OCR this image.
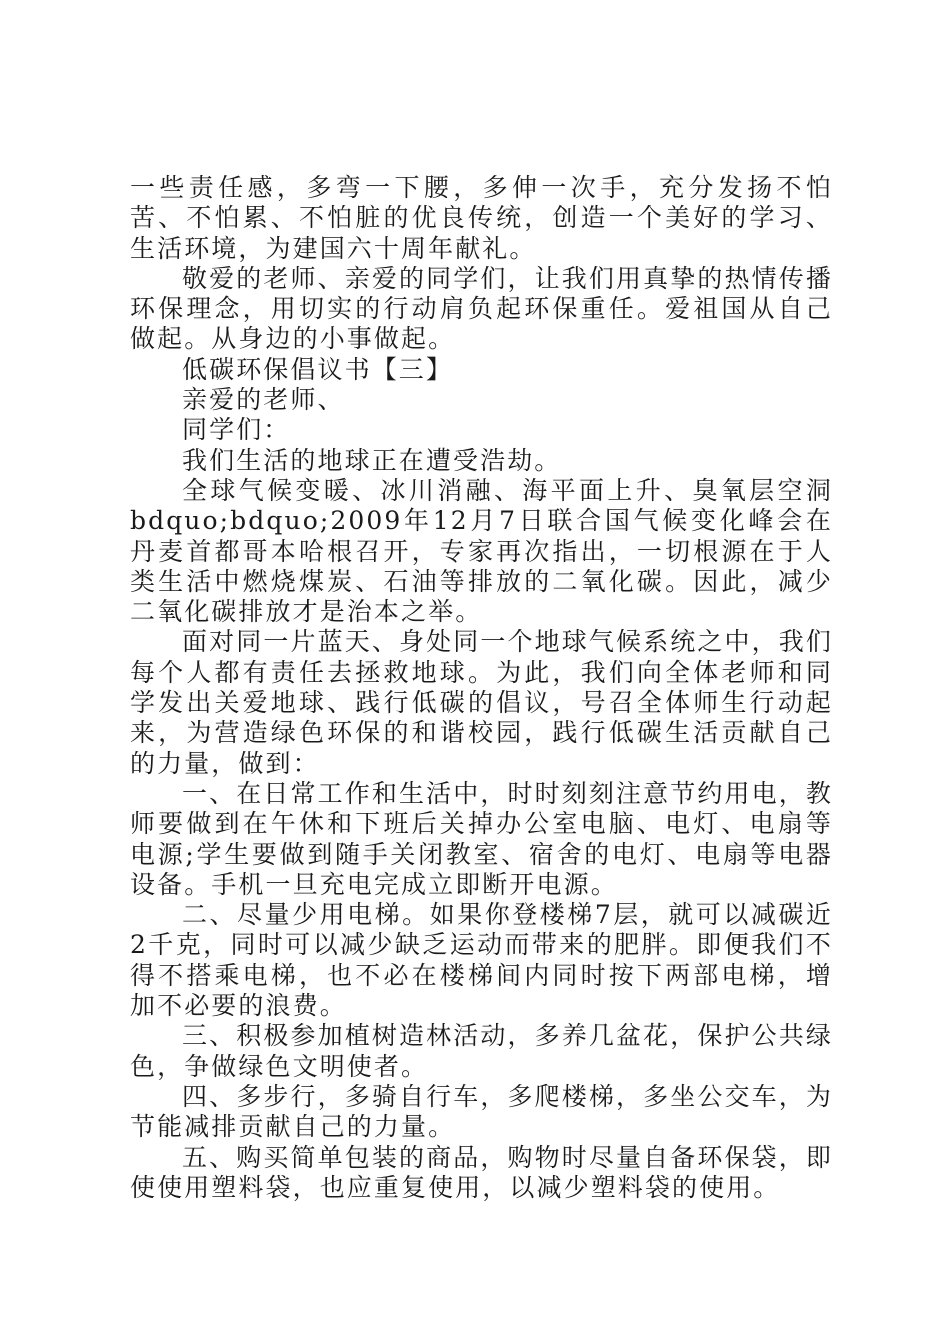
一些责任感，多弯一下腰，多伸一次手，充分发扬不怕苦、不怕累、不怕脏的优良传统，创造一个美好的学习、生活环境，为建国六十周年献礼。

敬爱的老师、亲爱的同学们，让我们用真挚的热情传播环保理念，用切实的行动肩负起环保重任。爱祖国从自己做起。从身边的小事做起。

低碳环保倡议书【三】

亲爱的老师、

同学们：

我们生活的地球正在遭受浩劫。

全球气候变暖、冰川消融、海平面上升、臭氧层空洞bdquo;bdquo;2009年12月7日联合国气候变化峰会在丹麦首都哥本哈根召开，专家再次指出，一切根源在于人类生活中燃烧煤炭、石油等排放的二氧化碳。因此，减少二氧化碳排放才是治本之举。

面对同一片蓝天、身处同一个地球气候系统之中，我们每个人都有责任去拯救地球。为此，我们向全体老师和同学发出关爱地球、践行低碳的倡议，号召全体师生行动起来，为营造绿色环保的和谐校园，践行低碳生活贡献自己的力量，做到：

一、在日常工作和生活中，时时刻刻注意节约用电，教师要做到在午休和下班后关掉办公室电脑、电灯、电扇等电源;学生要做到随手关闭教室、宿舍的电灯、电扇等电器设备。手机一旦充电完成立即断开电源。

二、尽量少用电梯。如果你登楼梯7层，就可以减碳近2千克，同时可以减少缺乏运动而带来的肥胖。即便我们不得不搭乘电梯，也不必在楼梯间内同时按下两部电梯，增加不必要的浪费。

三、积极参加植树造林活动，多养几盆花，保护公共绿色，争做绿色文明使者。

四、多步行，多骑自行车，多爬楼梯，多坐公交车，为节能减排贡献自己的力量。

五、购买简单包装的商品，购物时尽量自备环保袋，即使使用塑料袋，也应重复使用，以减少塑料袋的使用。
